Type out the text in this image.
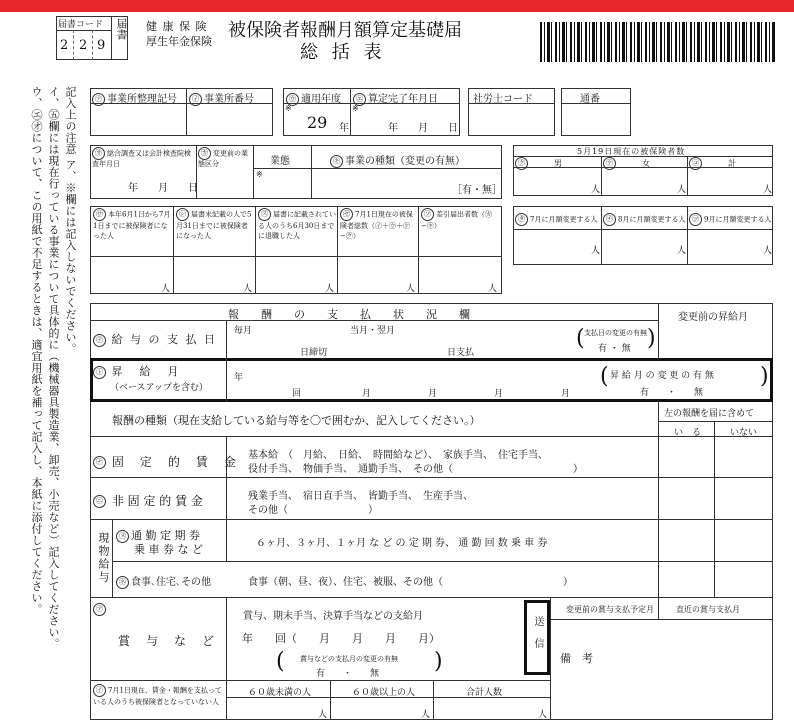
届書コード
2 2 9
届書 健 康 保 険
厚生年金保険
被保険者報酬月額算定基礎届
総 括 表
記入上の注意 ア、※欄には記入しないでください。
イ、㊄欄には現在行っている事業について具体的に（機械器具製造業、卸売、小売など）記入してください。
ウ、㋓㋔について、この用紙で不足するときは、適宜用紙を補って記入し、本紙に添付してください。	㋐ 事業所整理記号	㋑ 事業所番号	㋒ 適用年度	㋓ 算定完了年月日
※
29 年
※
年　　月　　日
社労士コード	通番
㋔ 総合調査又は会計検査院検査年月日
年　　月　　日
㋕ 変更前の業態区分	業態	㋖ 事業の種類（変更の有無）
※
［有・無］
5月19日現在の被保険者数
㋗	男	㋘	女	㋙	計
人	人	人
㋚ 本年6月1日から7月1日までに被保険者になった人
㋛ 届書未記載の人で5月31日までに被保険者になった人
㋜ 届書に記載されている人のうち6月30日までに退職した人
㋝ 7月1日現在の被保険者総数（㋑＋㋒＋㋘−㋗）
㋞ 差引届出者数（㋕−㋖）
人	人	人	人	人
㋟ 7月に月額変更する人	㋠ 8月に月額変更する人 ㋡ 9月に月額変更する人
人	人	人
報　　酬　　の　　支　　払　　状　　況　　欄	変更前の昇給月
㋢ 給 与 の 支 払 日
毎月	当月・翌月
日締切	日支払
(	)
支払日の変更の有無
有 ・ 無
㋣ 昇　給　月
（ベースアップを含む）
年
回	月	月	月	月
(	)
昇 給 月 の 変 更 の 有 無
有　　・　　無
報酬の種類（現在支給している給与等を〇で囲むか、記入してください。）	左の報酬を届に含めて
い　る	いない
㋤ 固　定　的　賃　金 基本給　（　月給、　日給、　時間給など）、　家族手当、　住宅手当、
役付手当、　物価手当、　通勤手当、　その他（　　　　　　　　　　　　）
㋥ 非 固 定 的 賃 金	残業手当、　宿日直手当、　皆勤手当、　生産手当、
その他（　　　　　　　　）
現物給与	㋦ 通 勤 定 期 券
乗 車 券 な ど	６ヶ月、３ヶ月、１ヶ月 な ど の 定 期 券、 通 勤 回 数 乗 車 券
㋧ 食事､住宅､その他	食事（朝、昼、夜）、住宅、被服、その他（　　　　　　　　　　　　）
㋐
賞　与　な　ど
賞与、期末手当、決算手当などの支給月
年　　回（　　月　　月　　月　　月）
(	)
賞与などの支払月の変更の有無
有　　・　　無
送信
変更前の賞与支払予定月	直近の賞与支払月
備　考
㋑ 7月1日現在、賃金・報酬を支払っている人のうち被保険者となっていない人
６０歳未満の人	６０歳以上の人	合計人数
人	人	人
